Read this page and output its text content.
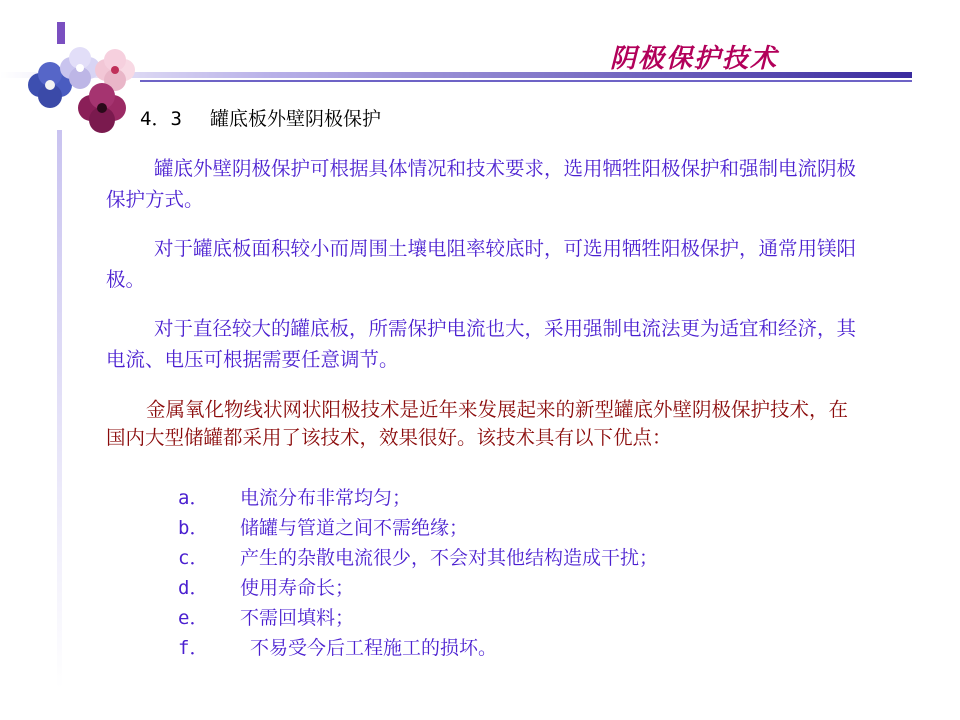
阴极保护技术
4．3 罐底板外壁阴极保护

罐底外壁阴极保护可根据具体情况和技术要求，选用牺牲阳极保护和强制电流阴极保护方式。

对于罐底板面积较小而周围土壤电阻率较底时，可选用牺牲阳极保护，通常用镁阳极。

对于直径较大的罐底板，所需保护电流也大，采用强制电流法更为适宜和经济，其电流、电压可根据需要任意调节。

金属氧化物线状网状阳极技术是近年来发展起来的新型罐底外壁阴极保护技术，在国内大型储罐都采用了该技术，效果很好。该技术具有以下优点：

a．	电流分布非常均匀；
b．	储罐与管道之间不需绝缘；
c．	产生的杂散电流很少，不会对其他结构造成干扰；
d．	使用寿命长；
e．	不需回填料；
f．	不易受今后工程施工的损坏。
